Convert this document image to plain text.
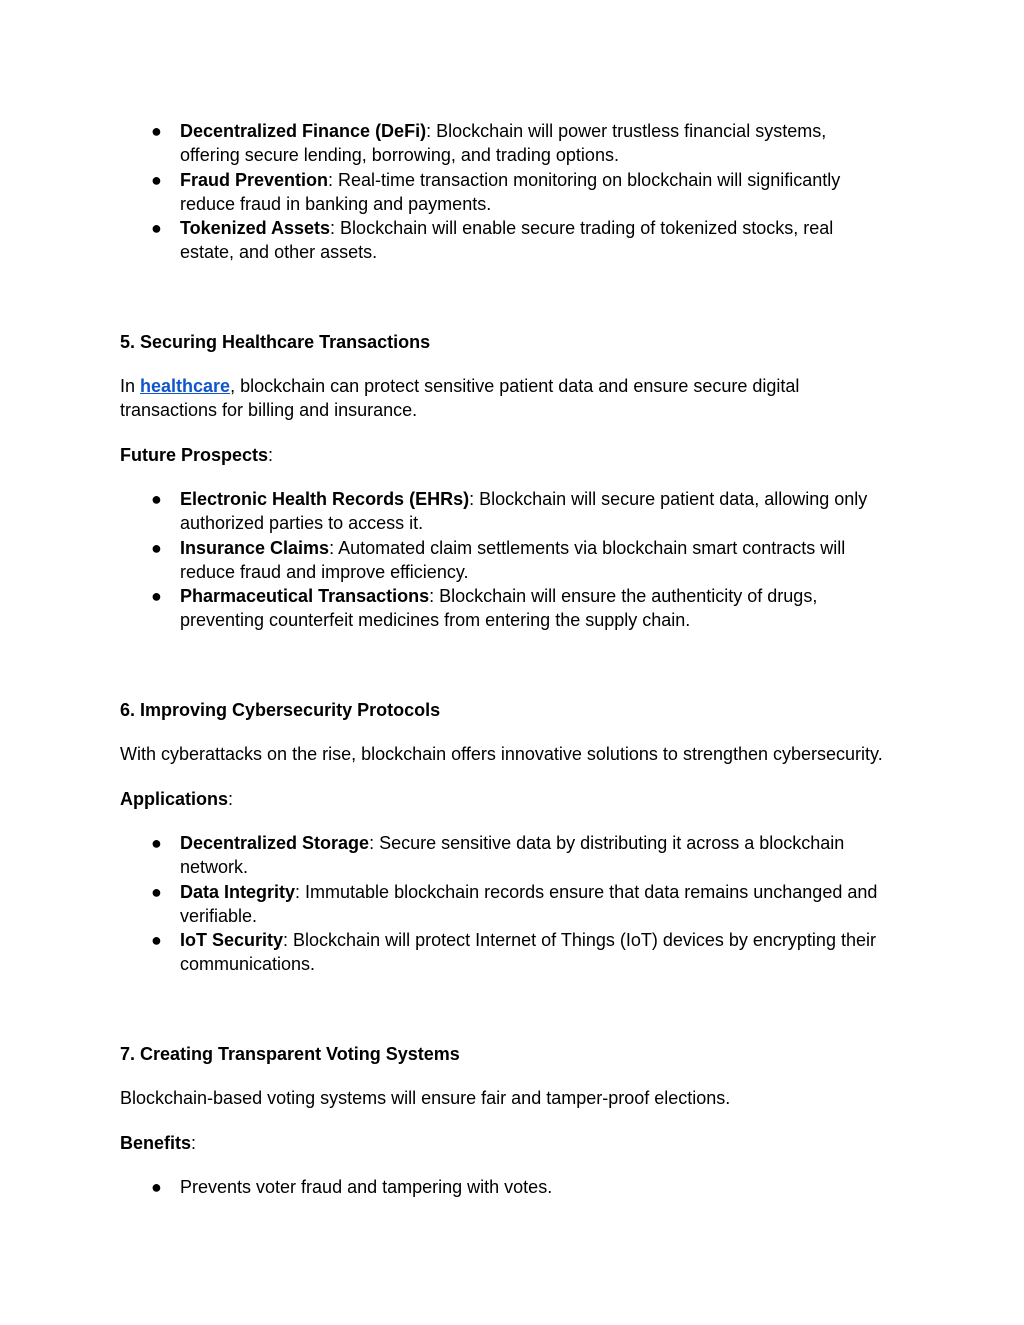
● Decentralized Finance (DeFi): Blockchain will power trustless financial systems,
offering secure lending, borrowing, and trading options.
● Fraud Prevention: Real-time transaction monitoring on blockchain will significantly
reduce fraud in banking and payments.
● Tokenized Assets: Blockchain will enable secure trading of tokenized stocks, real
estate, and other assets.
5. Securing Healthcare Transactions
In healthcare, blockchain can protect sensitive patient data and ensure secure digital
transactions for billing and insurance.
Future Prospects:
● Electronic Health Records (EHRs): Blockchain will secure patient data, allowing only
authorized parties to access it.
● Insurance Claims: Automated claim settlements via blockchain smart contracts will
reduce fraud and improve efficiency.
● Pharmaceutical Transactions: Blockchain will ensure the authenticity of drugs,
preventing counterfeit medicines from entering the supply chain.
6. Improving Cybersecurity Protocols
With cyberattacks on the rise, blockchain offers innovative solutions to strengthen cybersecurity.
Applications:
● Decentralized Storage: Secure sensitive data by distributing it across a blockchain
network.
● Data Integrity: Immutable blockchain records ensure that data remains unchanged and
verifiable.
● IoT Security: Blockchain will protect Internet of Things (IoT) devices by encrypting their
communications.
7. Creating Transparent Voting Systems
Blockchain-based voting systems will ensure fair and tamper-proof elections.
Benefits:
● Prevents voter fraud and tampering with votes.
